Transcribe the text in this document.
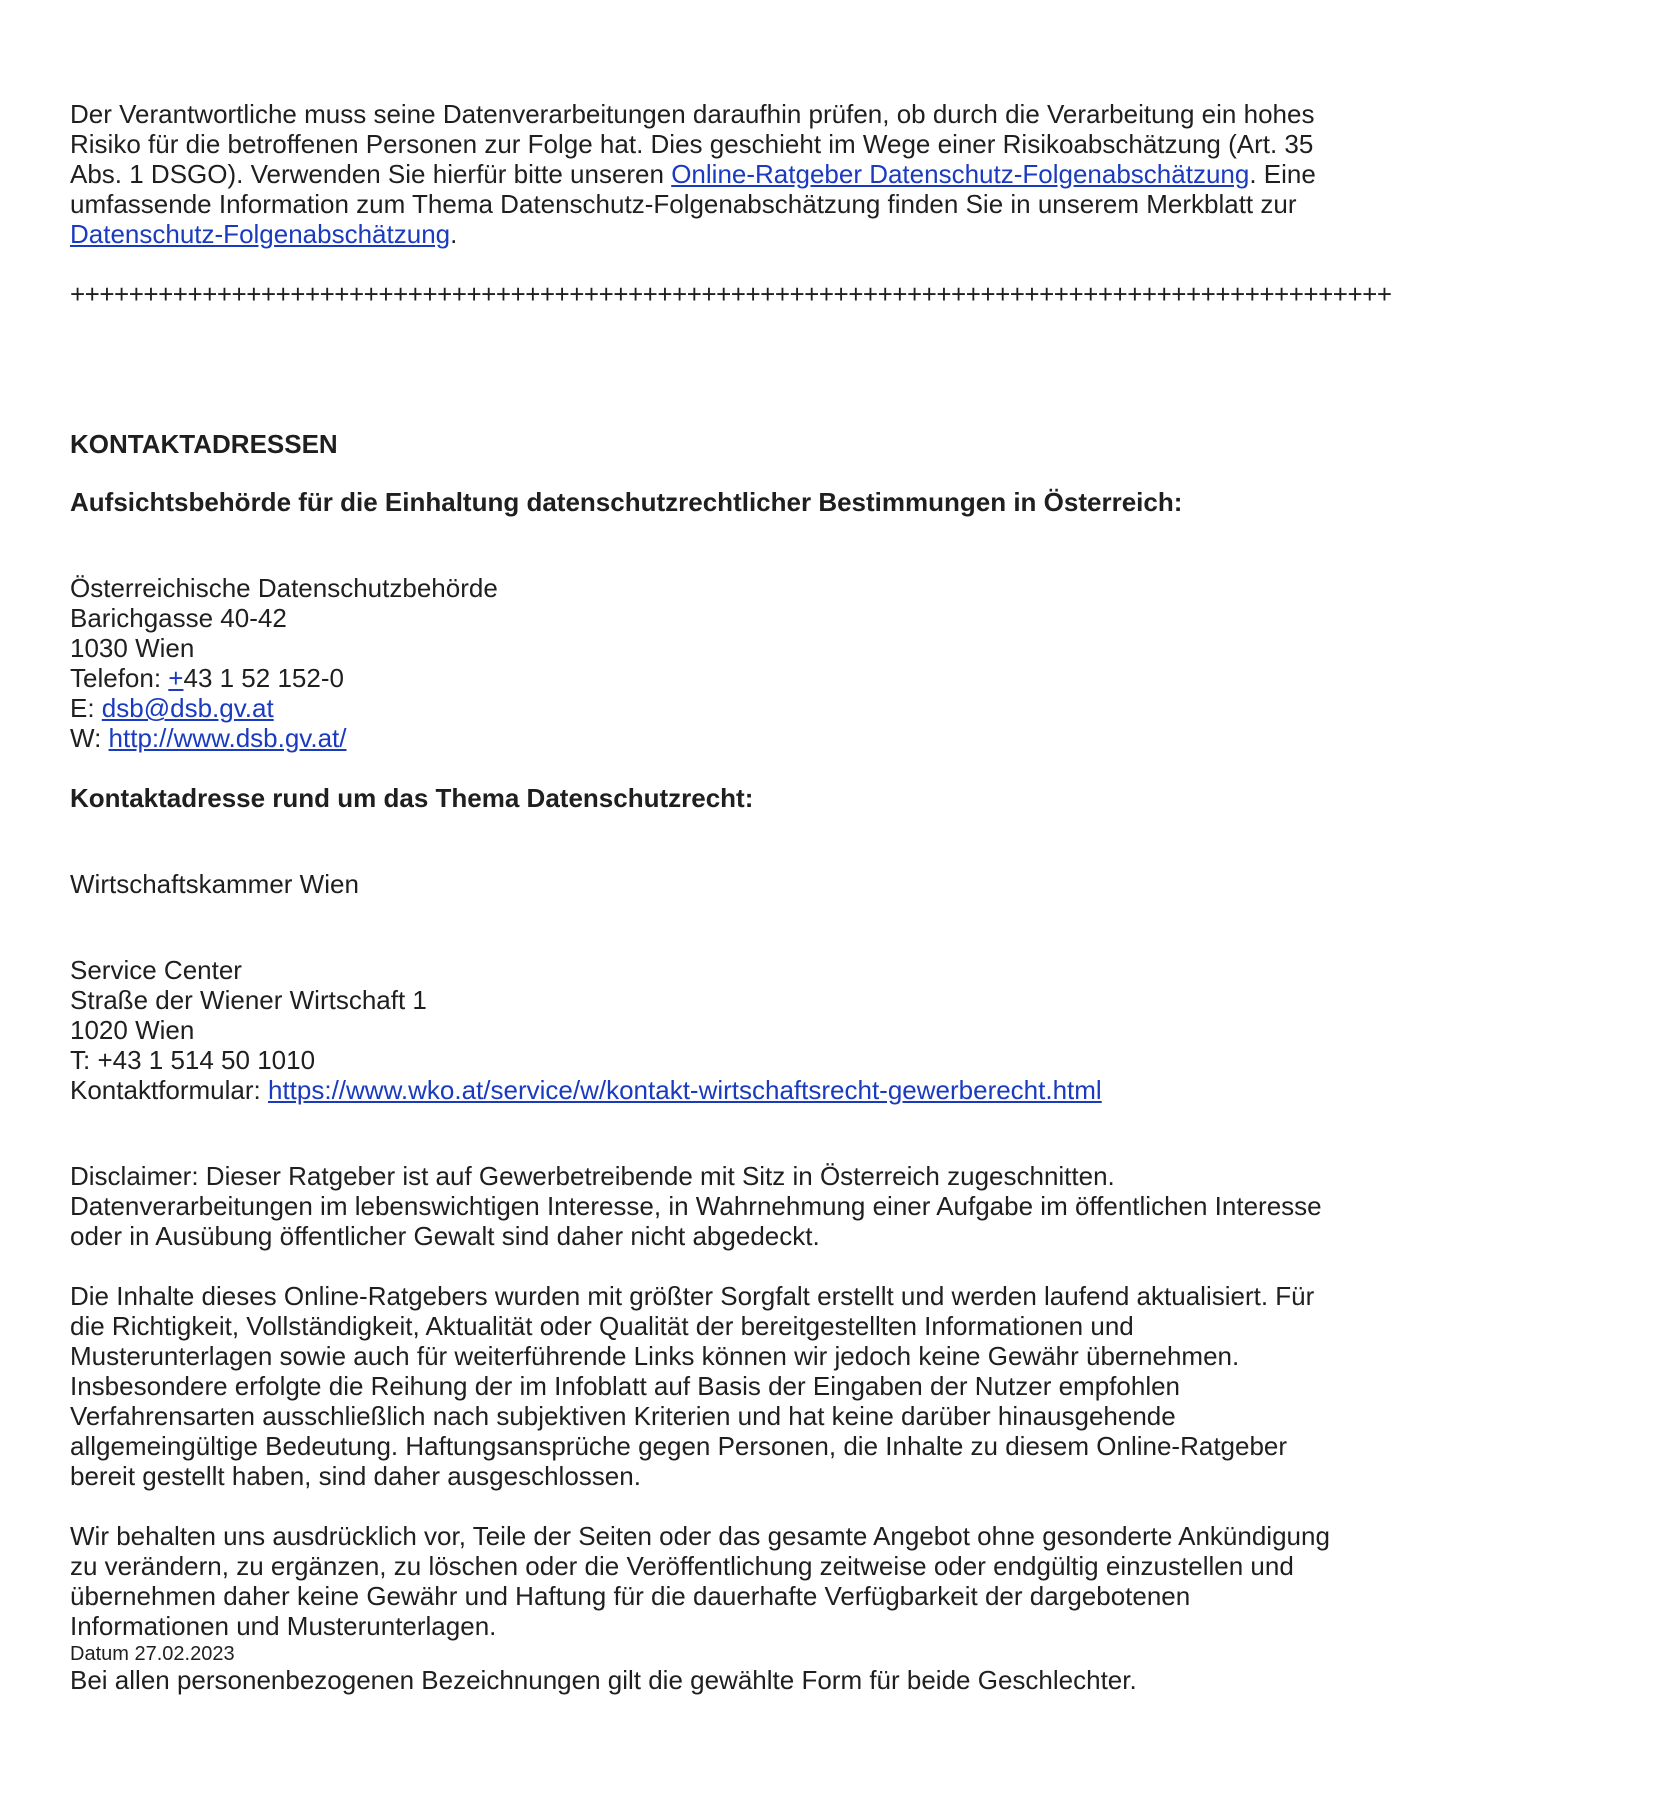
Der Verantwortliche muss seine Datenverarbeitungen daraufhin prüfen, ob durch die Verarbeitung ein hohes

Risiko für die betroffenen Personen zur Folge hat. Dies geschieht im Wege einer Risikoabschätzung (Art. 35

Abs. 1 DSGO). Verwenden Sie hierfür bitte unseren Online-Ratgeber Datenschutz-Folgenabschätzung. Eine

umfassende Information zum Thema Datenschutz-Folgenabschätzung finden Sie in unserem Merkblatt zur

Datenschutz-Folgenabschätzung.

++++++++++++++++++++++++++++++++++++++++++++++++++++++++++++++++++++++++++++++++++++++++++

KONTAKTADRESSEN

Aufsichtsbehörde für die Einhaltung datenschutzrechtlicher Bestimmungen in Österreich:

Österreichische Datenschutzbehörde

Barichgasse 40-42

1030 Wien

Telefon: +43 1 52 152-0

E: dsb@dsb.gv.at

W: http://www.dsb.gv.at/

Kontaktadresse rund um das Thema Datenschutzrecht:

Wirtschaftskammer Wien

Service Center

Straße der Wiener Wirtschaft 1

1020 Wien

T: +43 1 514 50 1010

Kontaktformular: https://www.wko.at/service/w/kontakt-wirtschaftsrecht-gewerberecht.html

Disclaimer: Dieser Ratgeber ist auf Gewerbetreibende mit Sitz in Österreich zugeschnitten.

Datenverarbeitungen im lebenswichtigen Interesse, in Wahrnehmung einer Aufgabe im öffentlichen Interesse

oder in Ausübung öffentlicher Gewalt sind daher nicht abgedeckt.

Die Inhalte dieses Online-Ratgebers wurden mit größter Sorgfalt erstellt und werden laufend aktualisiert. Für

die Richtigkeit, Vollständigkeit, Aktualität oder Qualität der bereitgestellten Informationen und

Musterunterlagen sowie auch für weiterführende Links können wir jedoch keine Gewähr übernehmen.

Insbesondere erfolgte die Reihung der im Infoblatt auf Basis der Eingaben der Nutzer empfohlen

Verfahrensarten ausschließlich nach subjektiven Kriterien und hat keine darüber hinausgehende

allgemeingültige Bedeutung. Haftungsansprüche gegen Personen, die Inhalte zu diesem Online-Ratgeber

bereit gestellt haben, sind daher ausgeschlossen.

Wir behalten uns ausdrücklich vor, Teile der Seiten oder das gesamte Angebot ohne gesonderte Ankündigung

zu verändern, zu ergänzen, zu löschen oder die Veröffentlichung zeitweise oder endgültig einzustellen und

übernehmen daher keine Gewähr und Haftung für die dauerhafte Verfügbarkeit der dargebotenen

Informationen und Musterunterlagen.

Datum 27.02.2023

Bei allen personenbezogenen Bezeichnungen gilt die gewählte Form für beide Geschlechter.
